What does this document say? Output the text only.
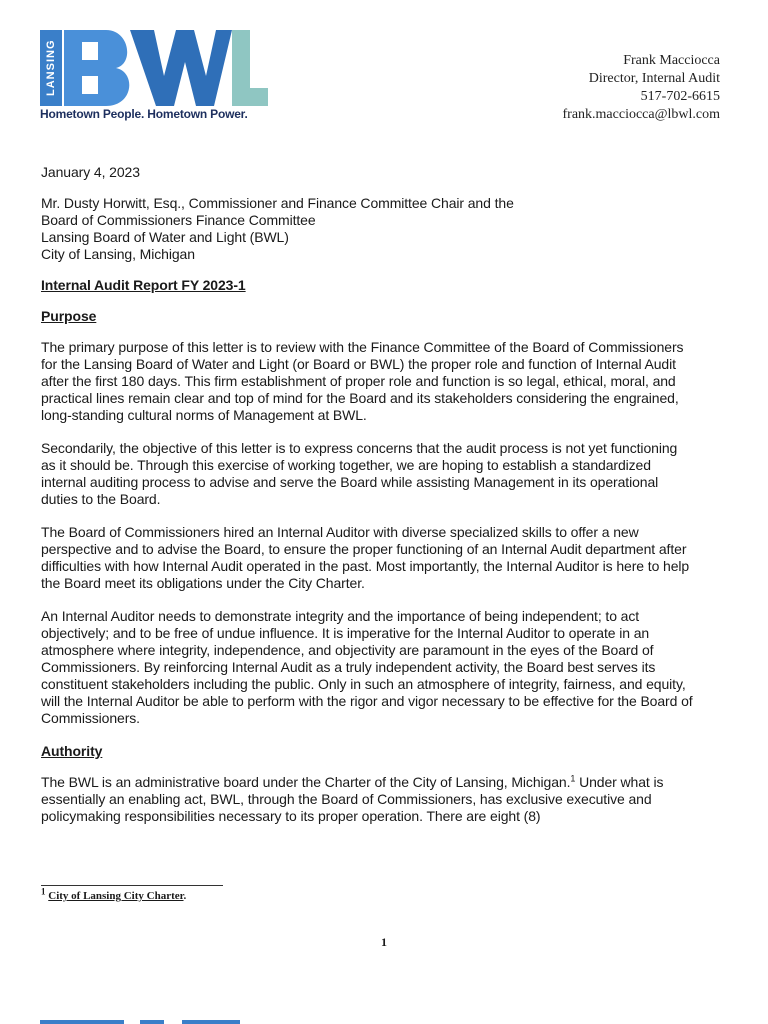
LANSING
Hometown People. Hometown Power.
Frank Macciocca
Director, Internal Audit
517-702-6615
frank.macciocca@lbwl.com

January 4, 2023

Mr. Dusty Horwitt, Esq., Commissioner and Finance Committee Chair and the
Board of Commissioners Finance Committee
Lansing Board of Water and Light (BWL)
City of Lansing, Michigan

Internal Audit Report FY 2023-1

Purpose

The primary purpose of this letter is to review with the Finance Committee of the Board of Commissioners for the Lansing Board of Water and Light (or Board or BWL) the proper role and function of Internal Audit after the first 180 days. This firm establishment of proper role and function is so legal, ethical, moral, and practical lines remain clear and top of mind for the Board and its stakeholders considering the engrained, long-standing cultural norms of Management at BWL.

Secondarily, the objective of this letter is to express concerns that the audit process is not yet functioning as it should be. Through this exercise of working together, we are hoping to establish a standardized internal auditing process to advise and serve the Board while assisting Management in its operational duties to the Board.

The Board of Commissioners hired an Internal Auditor with diverse specialized skills to offer a new perspective and to advise the Board, to ensure the proper functioning of an Internal Audit department after difficulties with how Internal Audit operated in the past. Most importantly, the Internal Auditor is here to help the Board meet its obligations under the City Charter.

An Internal Auditor needs to demonstrate integrity and the importance of being independent; to act objectively; and to be free of undue influence. It is imperative for the Internal Auditor to operate in an atmosphere where integrity, independence, and objectivity are paramount in the eyes of the Board of Commissioners. By reinforcing Internal Audit as a truly independent activity, the Board best serves its constituent stakeholders including the public. Only in such an atmosphere of integrity, fairness, and equity, will the Internal Auditor be able to perform with the rigor and vigor necessary to be effective for the Board of Commissioners.

Authority

The BWL is an administrative board under the Charter of the City of Lansing, Michigan.$^1$ Under what is essentially an enabling act, BWL, through the Board of Commissioners, has exclusive executive and policymaking responsibilities necessary to its proper operation. There are eight (8)

$^1$ City of Lansing City Charter.
1
